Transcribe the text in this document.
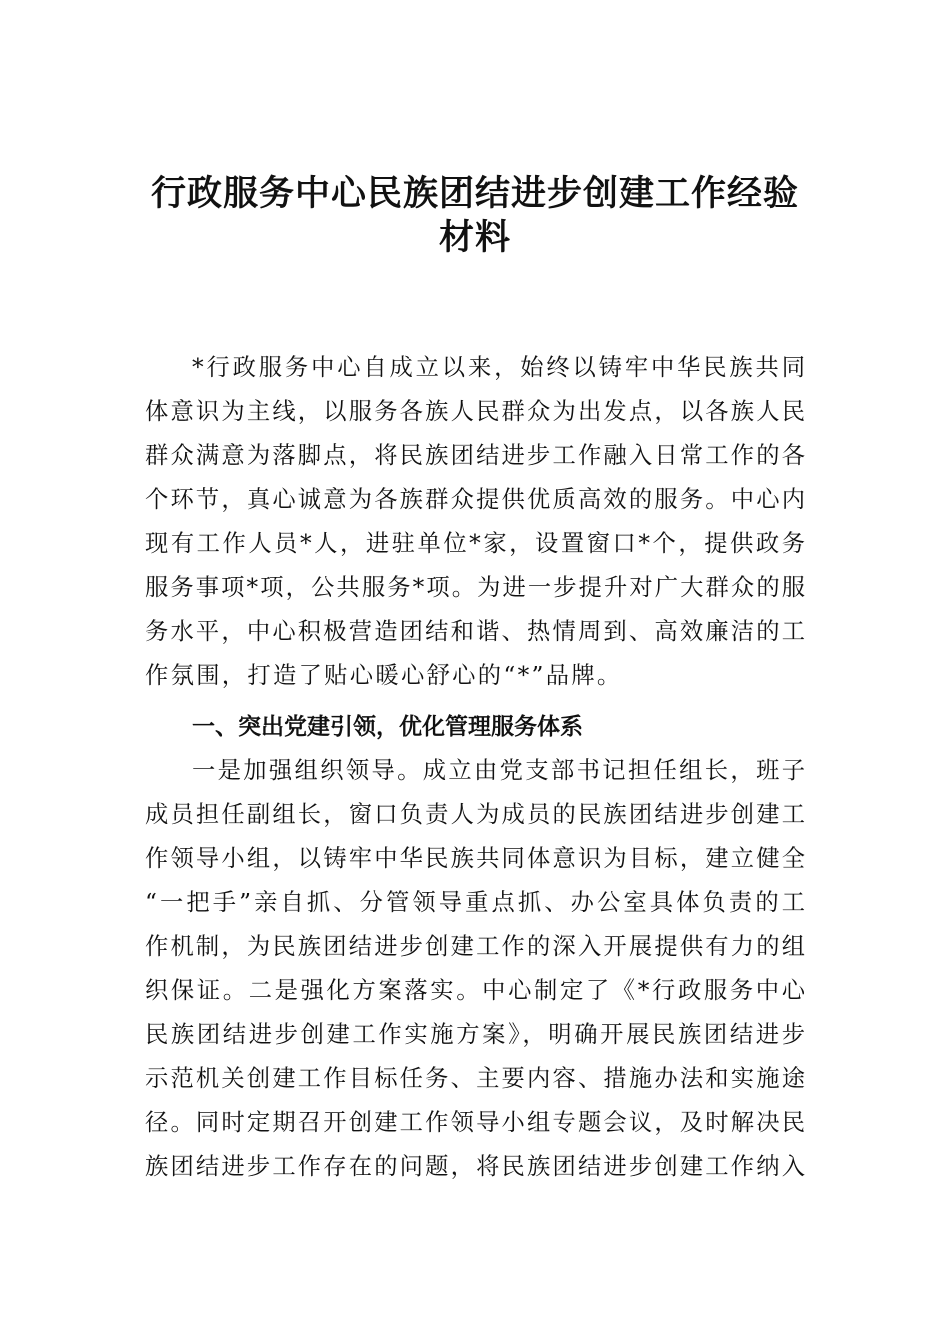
行政服务中心民族团结进步创建工作经验
材料
*行政服务中心自成立以来，始终以铸牢中华民族共同
体意识为主线，以服务各族人民群众为出发点，以各族人民
群众满意为落脚点，将民族团结进步工作融入日常工作的各
个环节，真心诚意为各族群众提供优质高效的服务。中心内
现有工作人员*人，进驻单位*家，设置窗口*个，提供政务
服务事项*项，公共服务*项。为进一步提升对广大群众的服
务水平，中心积极营造团结和谐、热情周到、高效廉洁的工
作氛围，打造了贴心暖心舒心的“*”品牌。
一、突出党建引领，优化管理服务体系
一是加强组织领导。成立由党支部书记担任组长，班子
成员担任副组长，窗口负责人为成员的民族团结进步创建工
作领导小组，以铸牢中华民族共同体意识为目标，建立健全
“一把手”亲自抓、分管领导重点抓、办公室具体负责的工
作机制，为民族团结进步创建工作的深入开展提供有力的组
织保证。二是强化方案落实。中心制定了《*行政服务中心
民族团结进步创建工作实施方案》，明确开展民族团结进步
示范机关创建工作目标任务、主要内容、措施办法和实施途
径。同时定期召开创建工作领导小组专题会议，及时解决民
族团结进步工作存在的问题，将民族团结进步创建工作纳入
